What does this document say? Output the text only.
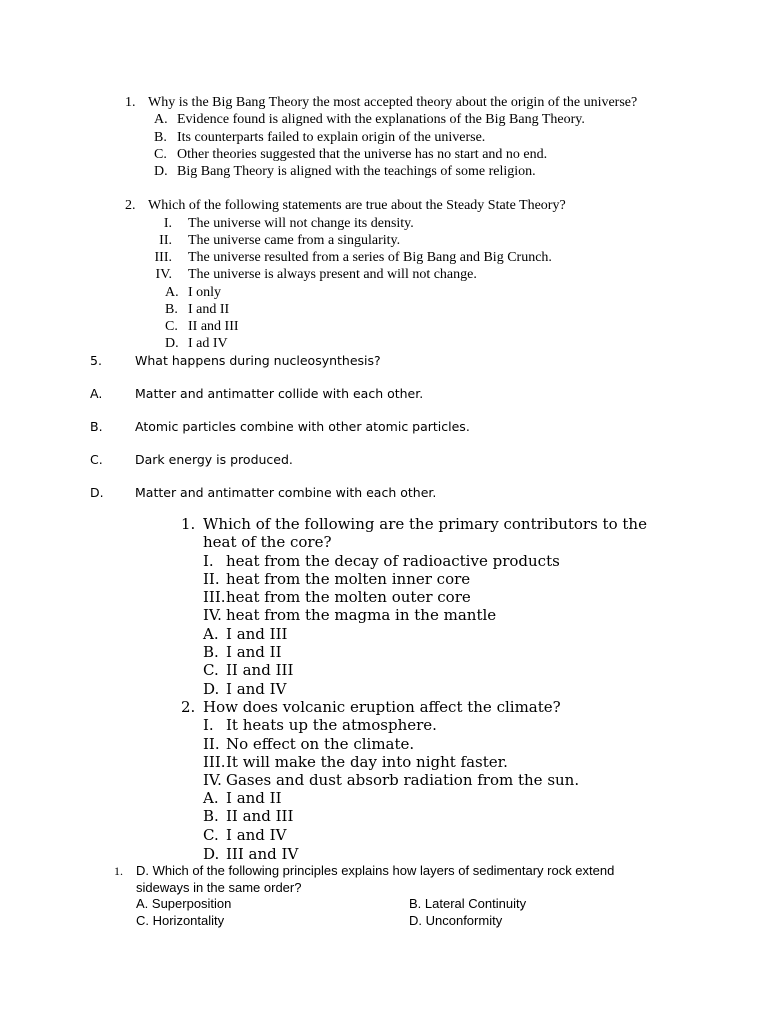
1. Why is the Big Bang Theory the most accepted theory about the origin of the universe?
A. Evidence found is aligned with the explanations of the Big Bang Theory.
B. Its counterparts failed to explain origin of the universe.
C. Other theories suggested that the universe has no start and no end.
D. Big Bang Theory is aligned with the teachings of some religion.
2. Which of the following statements are true about the Steady State Theory?
I. The universe will not change its density.
II. The universe came from a singularity.
III. The universe resulted from a series of Big Bang and Big Crunch.
IV. The universe is always present and will not change.
A. I only
B. I and II
C. II and III
D. I ad IV
5.	What happens during nucleosynthesis?
A.	Matter and antimatter collide with each other.
B.	Atomic particles combine with other atomic particles.
C.	Dark energy is produced.
D.	Matter and antimatter combine with each other.
1. Which of the following are the primary contributors to the
heat of the core?
I. heat from the decay of radioactive products
II. heat from the molten inner core
III. heat from the molten outer core
IV. heat from the magma in the mantle
A. I and III
B. I and II
C. II and III
D. I and IV
2. How does volcanic eruption affect the climate?
I. It heats up the atmosphere.
II. No effect on the climate.
III. It will make the day into night faster.
IV. Gases and dust absorb radiation from the sun.
A. I and II
B. II and III
C. I and IV
D. III and IV
1. D. Which of the following principles explains how layers of sedimentary rock extend
sideways in the same order?
A. Superposition	B. Lateral Continuity
C. Horizontality	D. Unconformity
